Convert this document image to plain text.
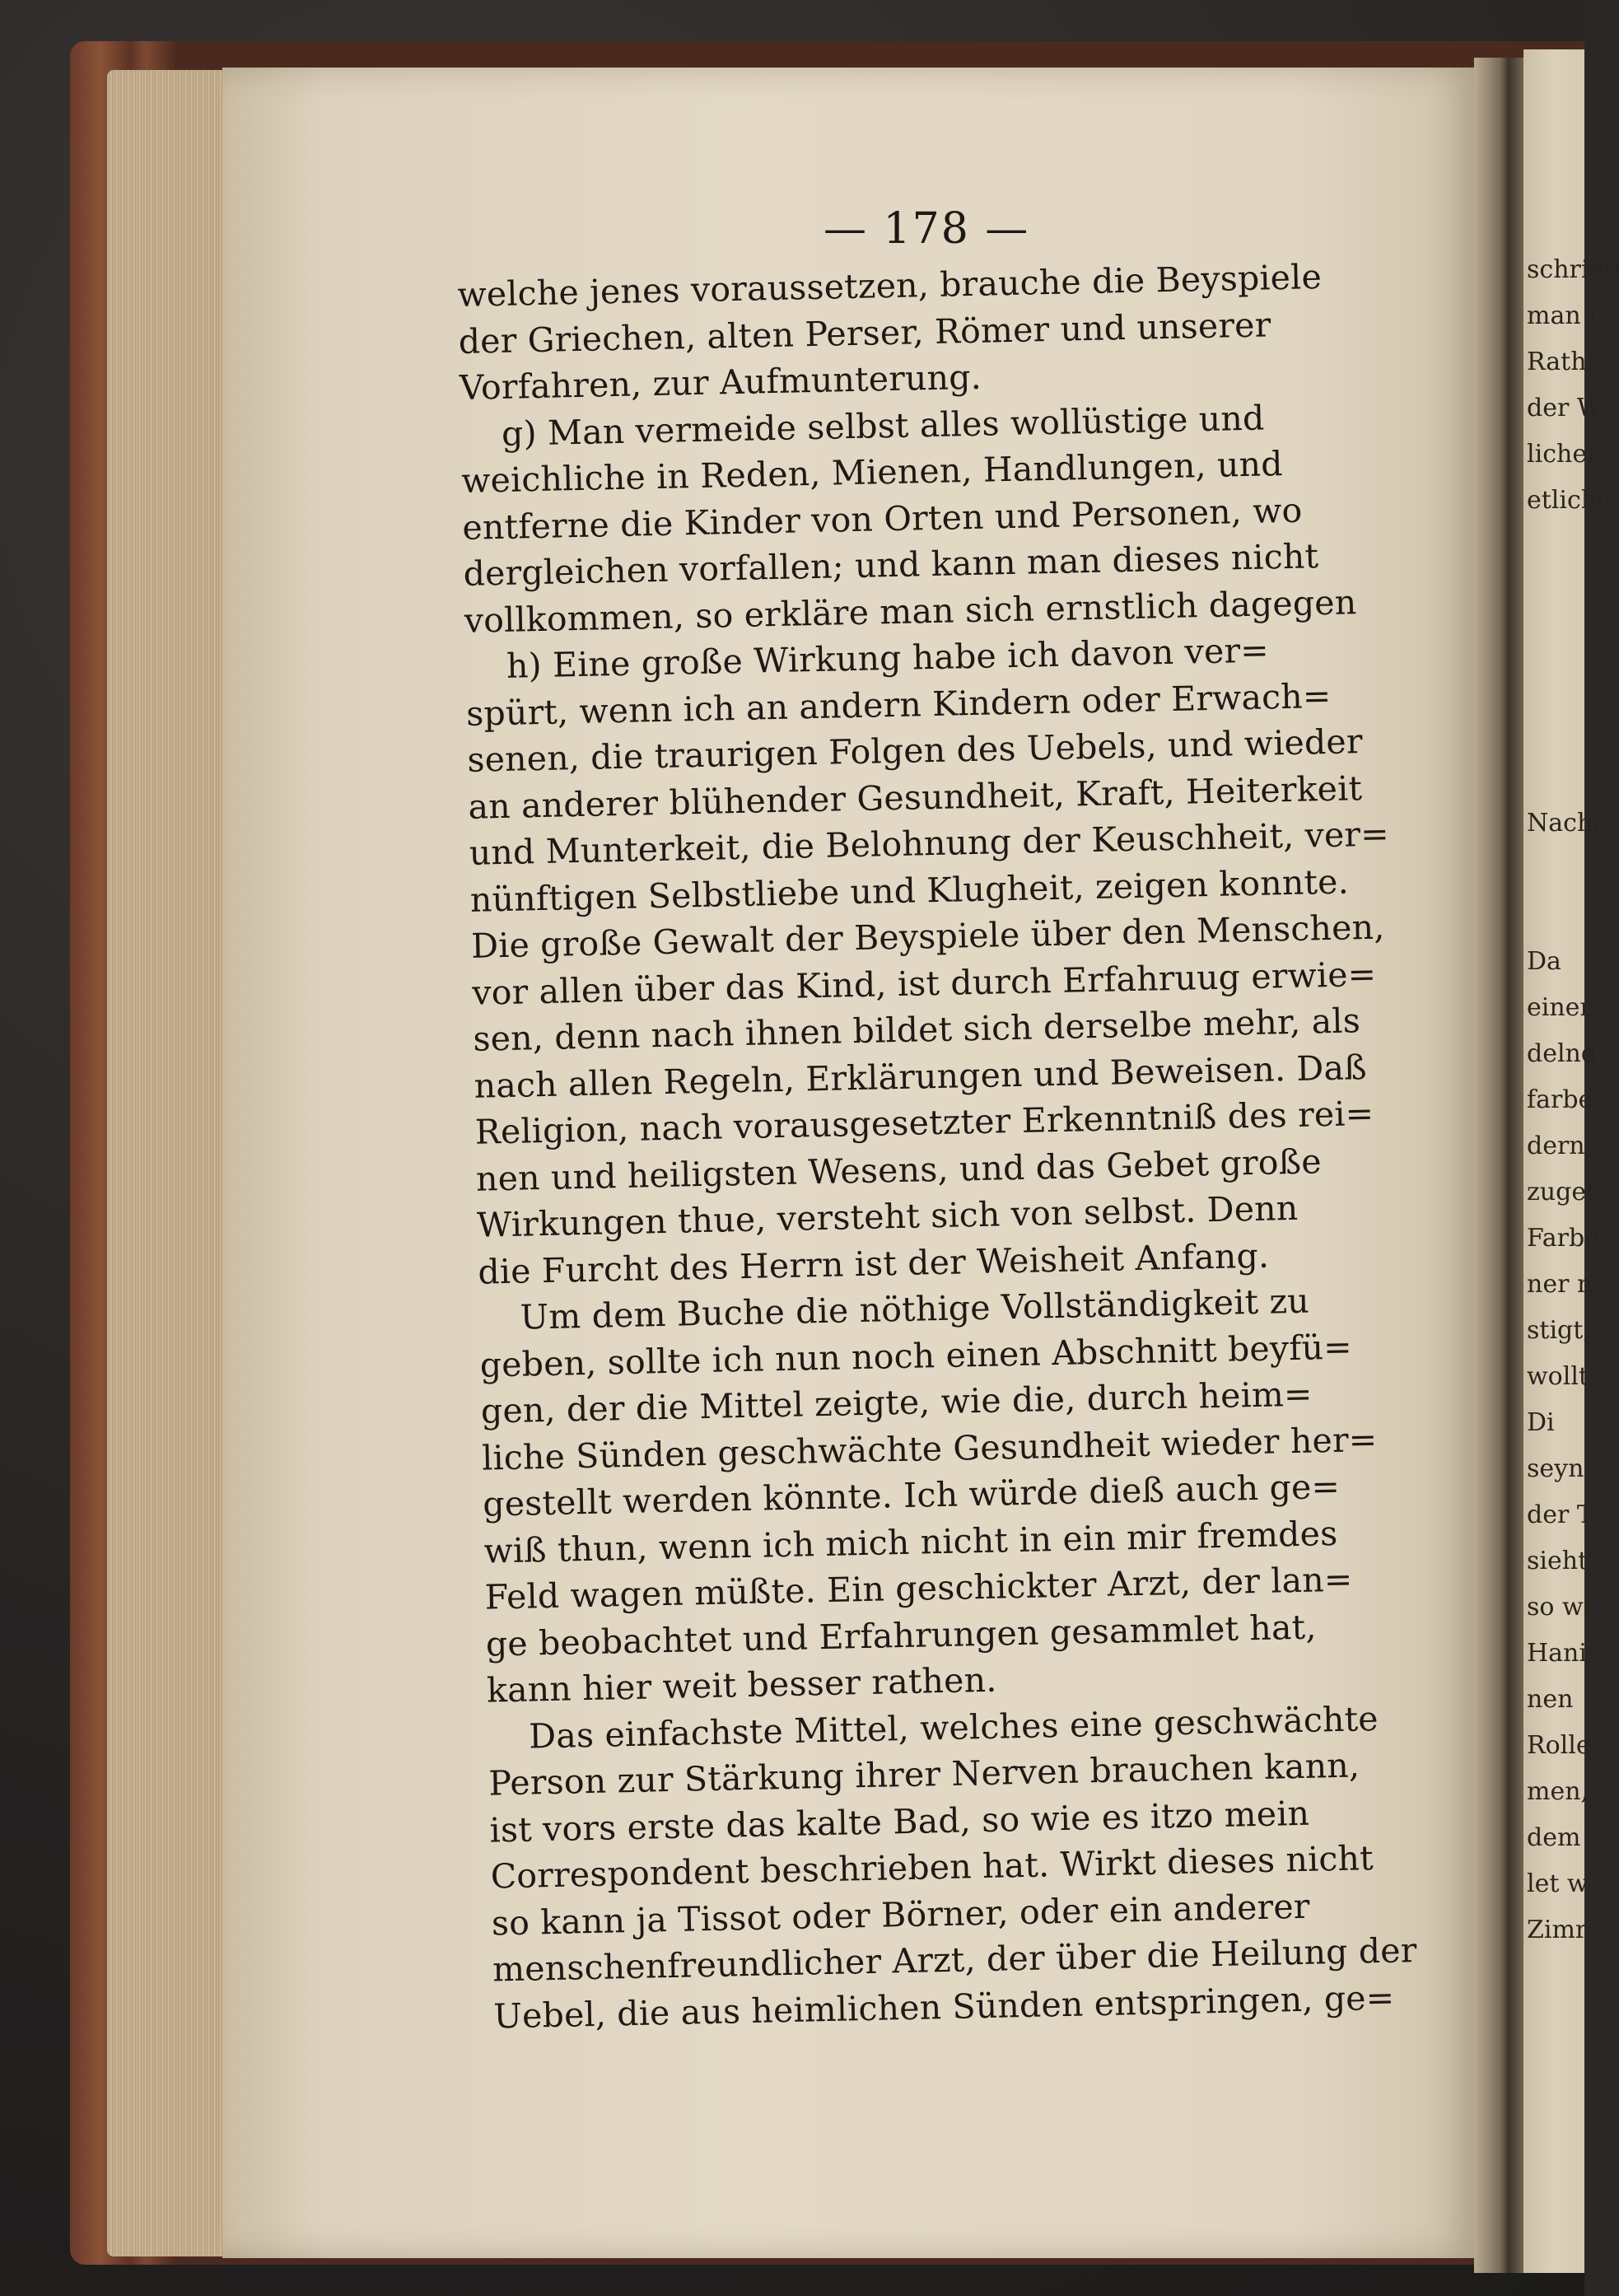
schrieb
man r
Rathſ
der W
lichen
etliche
Nachr
Da
einer
delnd
farbe,
dern
zuget
Farbe
ner n
stigt,
wollt
Di
seyn
der T
sieht
so wi
Hani
nen
Rolle
men,
dem
let w
Zimr
— 178 —
welche jenes voraussetzen, brauche die Beyspiele
der Griechen, alten Perser, Römer und unserer
Vorfahren, zur Aufmunterung.
g) Man vermeide selbst alles wollüstige und
weichliche in Reden, Mienen, Handlungen, und
entferne die Kinder von Orten und Personen, wo
dergleichen vorfallen; und kann man dieses nicht
vollkommen, so erkläre man sich ernstlich dagegen
h) Eine große Wirkung habe ich davon ver=
spürt, wenn ich an andern Kindern oder Erwach=
senen, die traurigen Folgen des Uebels, und wieder
an anderer blühender Gesundheit, Kraft, Heiterkeit
und Munterkeit, die Belohnung der Keuschheit, ver=
nünftigen Selbstliebe und Klugheit, zeigen konnte.
Die große Gewalt der Beyspiele über den Menschen,
vor allen über das Kind, ist durch Erfahruug erwie=
sen, denn nach ihnen bildet sich derselbe mehr, als
nach allen Regeln, Erklärungen und Beweisen. Daß
Religion, nach vorausgesetzter Erkenntniß des rei=
nen und heiligsten Wesens, und das Gebet große
Wirkungen thue, versteht sich von selbst. Denn
die Furcht des Herrn ist der Weisheit Anfang.
Um dem Buche die nöthige Vollständigkeit zu
geben, sollte ich nun noch einen Abschnitt beyfü=
gen, der die Mittel zeigte, wie die, durch heim=
liche Sünden geschwächte Gesundheit wieder her=
gestellt werden könnte. Ich würde dieß auch ge=
wiß thun, wenn ich mich nicht in ein mir fremdes
Feld wagen müßte. Ein geschickter Arzt, der lan=
ge beobachtet und Erfahrungen gesammlet hat,
kann hier weit besser rathen.
Das einfachste Mittel, welches eine geschwächte
Person zur Stärkung ihrer Nerven brauchen kann,
ist vors erste das kalte Bad, so wie es itzo mein
Correspondent beschrieben hat. Wirkt dieses nicht
so kann ja Tissot oder Börner, oder ein anderer
menschenfreundlicher Arzt, der über die Heilung der
Uebel, die aus heimlichen Sünden entspringen, ge=
